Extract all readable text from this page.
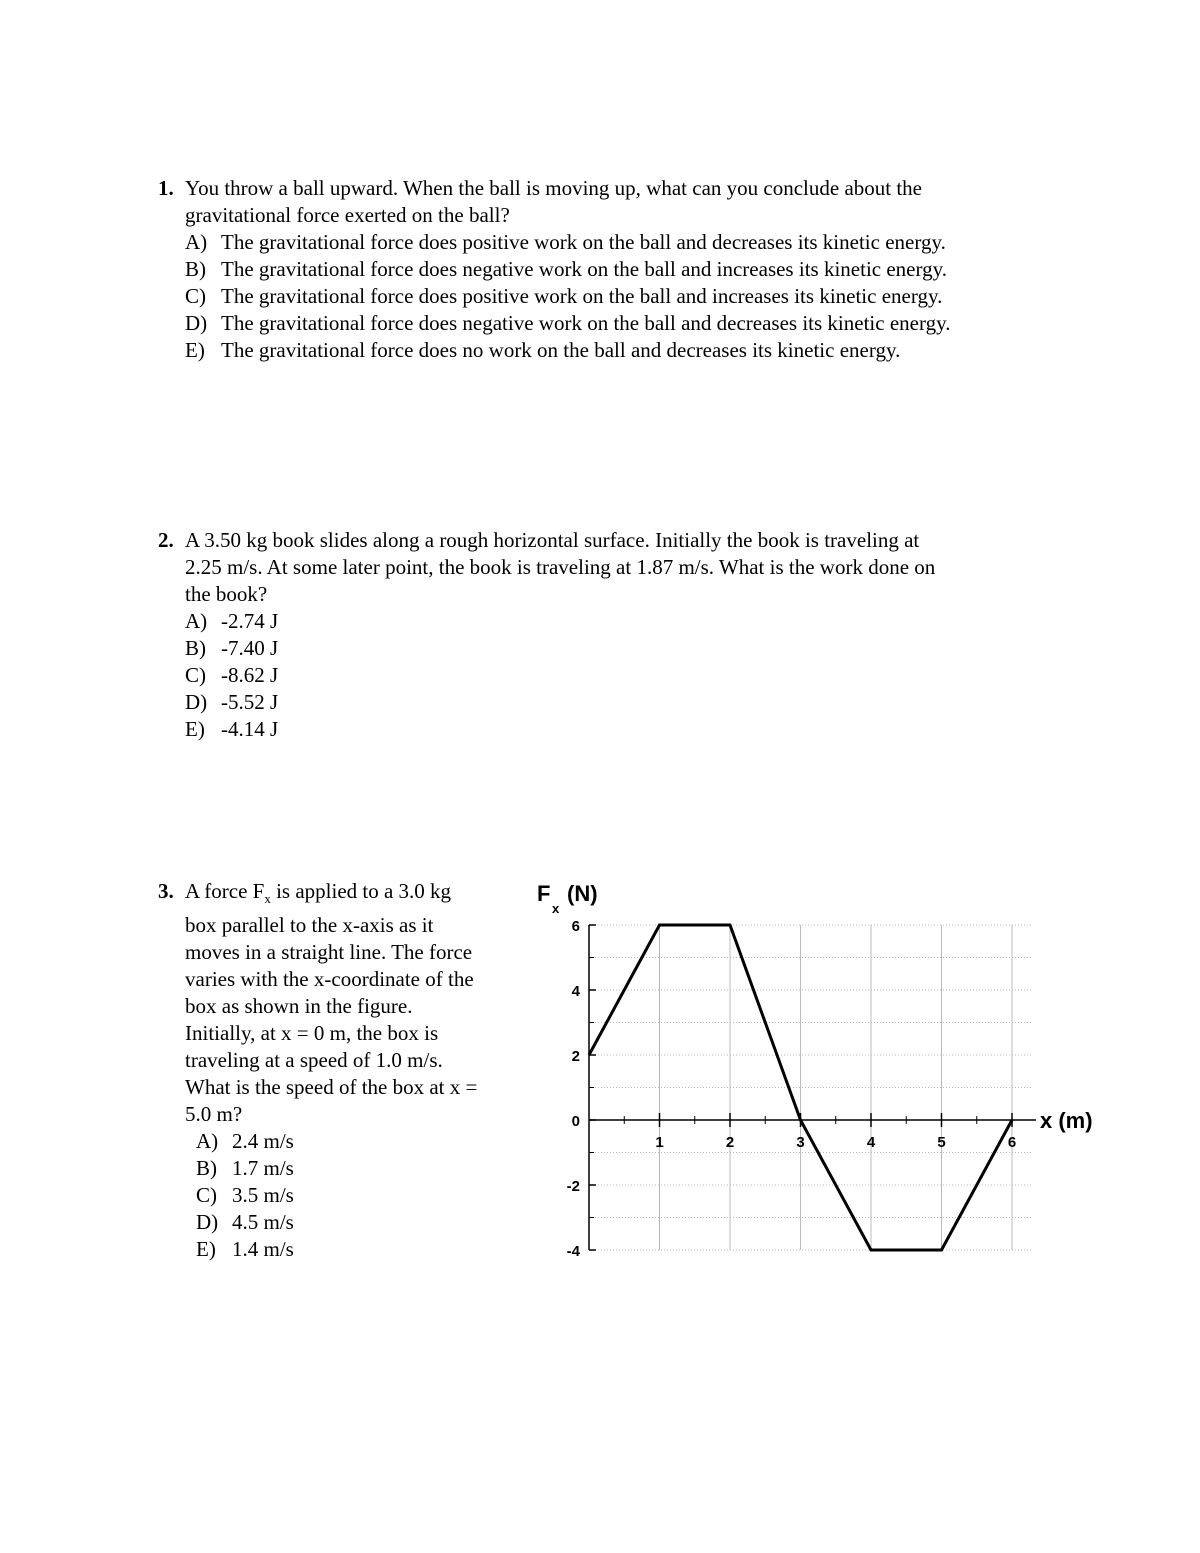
1. You throw a ball upward. When the ball is moving up, what can you conclude about the
gravitational force exerted on the ball?
A) The gravitational force does positive work on the ball and decreases its kinetic energy.
B) The gravitational force does negative work on the ball and increases its kinetic energy.
C) The gravitational force does positive work on the ball and increases its kinetic energy.
D) The gravitational force does negative work on the ball and decreases its kinetic energy.
E) The gravitational force does no work on the ball and decreases its kinetic energy.
2. A 3.50 kg book slides along a rough horizontal surface. Initially the book is traveling at
2.25 m/s. At some later point, the book is traveling at 1.87 m/s. What is the work done on
the book?
A) -2.74 J
B) -7.40 J
C) -8.62 J
D) -5.52 J
E) -4.14 J
3. A force $F_x$ is applied to a 3.0 kg
box parallel to the x-axis as it
moves in a straight line. The force
varies with the x-coordinate of the
box as shown in the figure.
Initially, at x = 0 m, the box is
traveling at a speed of 1.0 m/s.
What is the speed of the box at x =
5.0 m?
A) 2.4 m/s
B) 1.7 m/s
C) 3.5 m/s
D) 4.5 m/s
E) 1.4 m/s
6
4
2
0
-2
-4
1	2	3	4	5	6
F
x
(N)
x (m)
